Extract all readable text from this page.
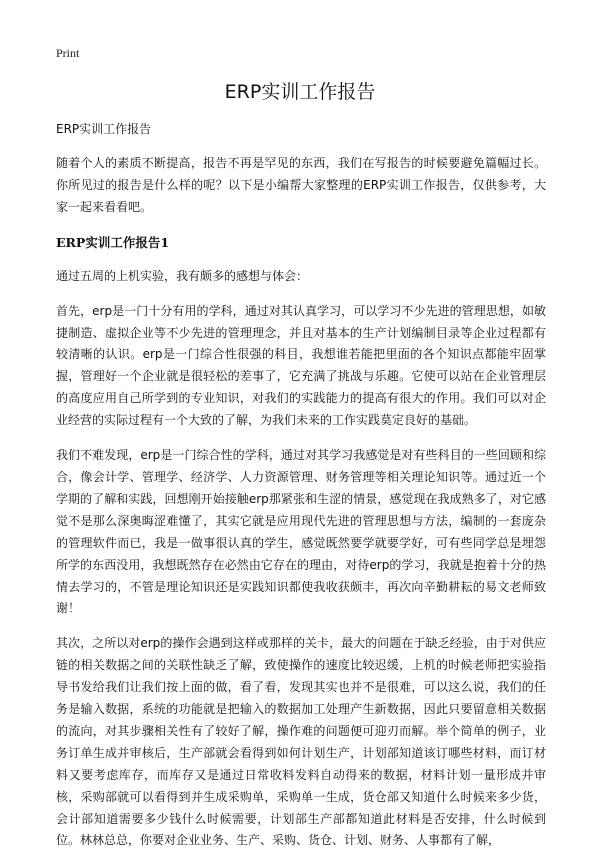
Print
ERP实训工作报告

ERP实训工作报告

随着个人的素质不断提高，报告不再是罕见的东西，我们在写报告的时候要避免篇幅过长。你所见过的报告是什么样的呢？以下是小编帮大家整理的ERP实训工作报告，仅供参考，大家一起来看看吧。

ERP实训工作报告1

通过五周的上机实验，我有颇多的感想与体会：

首先，erp是一门十分有用的学科，通过对其认真学习，可以学习不少先进的管理思想，如敏捷制造、虚拟企业等不少先进的管理理念，并且对基本的生产计划编制目录等企业过程都有较清晰的认识。erp是一门综合性很强的科目，我想谁若能把里面的各个知识点都能牢固掌握，管理好一个企业就是很轻松的差事了，它充满了挑战与乐趣。它使可以站在企业管理层的高度应用自己所学到的专业知识，对我们的实践能力的提高有很大的作用。我们可以对企业经营的实际过程有一个大致的了解，为我们未来的工作实践莫定良好的基础。

我们不难发现，erp是一门综合性的学科，通过对其学习我感觉是对有些科目的一些回顾和综合，像会计学、管理学、经济学、人力资源管理、财务管理等相关理论知识等。通过近一个学期的了解和实践，回想刚开始接触erp那紧张和生涩的情景，感觉现在我成熟多了，对它感觉不是那么深奥晦涩难懂了，其实它就是应用现代先进的管理思想与方法，编制的一套庞杂的管理软件而已，我是一做事很认真的学生，感觉既然要学就要学好，可有些同学总是埋怨所学的东西没用，我想既然存在必然由它存在的理由，对待erp的学习，我就是抱着十分的热情去学习的，不管是理论知识还是实践知识都使我收获颇丰，再次向辛勤耕耘的易文老师致谢！

其次，之所以对erp的操作会遇到这样或那样的关卡，最大的问题在于缺乏经验，由于对供应链的相关数据之间的关联性缺乏了解，致使操作的速度比较迟缓，上机的时候老师把实验指导书发给我们让我们按上面的做，看了看，发现其实也并不是很难，可以这么说，我们的任务是输入数据，系统的功能就是把输入的数据加工处理产生新数据，因此只要留意相关数据的流向，对其步骤相关性有了较好了解，操作难的问题便可迎刃而解。举个简单的例子，业务订单生成并审核后，生产部就会看得到如何计划生产，计划部知道该订哪些材料，而订材料又要考虑库存，而库存又是通过日常收料发料自动得来的数据，材料计划一量形成并审核，采购部就可以看得到并生成采购单，采购单一生成，货仓部又知道什么时候来多少货，会计部知道需要多少钱什么时候需要，计划部生产部都知道此材料是否安排，什么时候到位。林林总总，你要对企业业务、生产、采购、货仓、计划、财务、人事都有了解，
